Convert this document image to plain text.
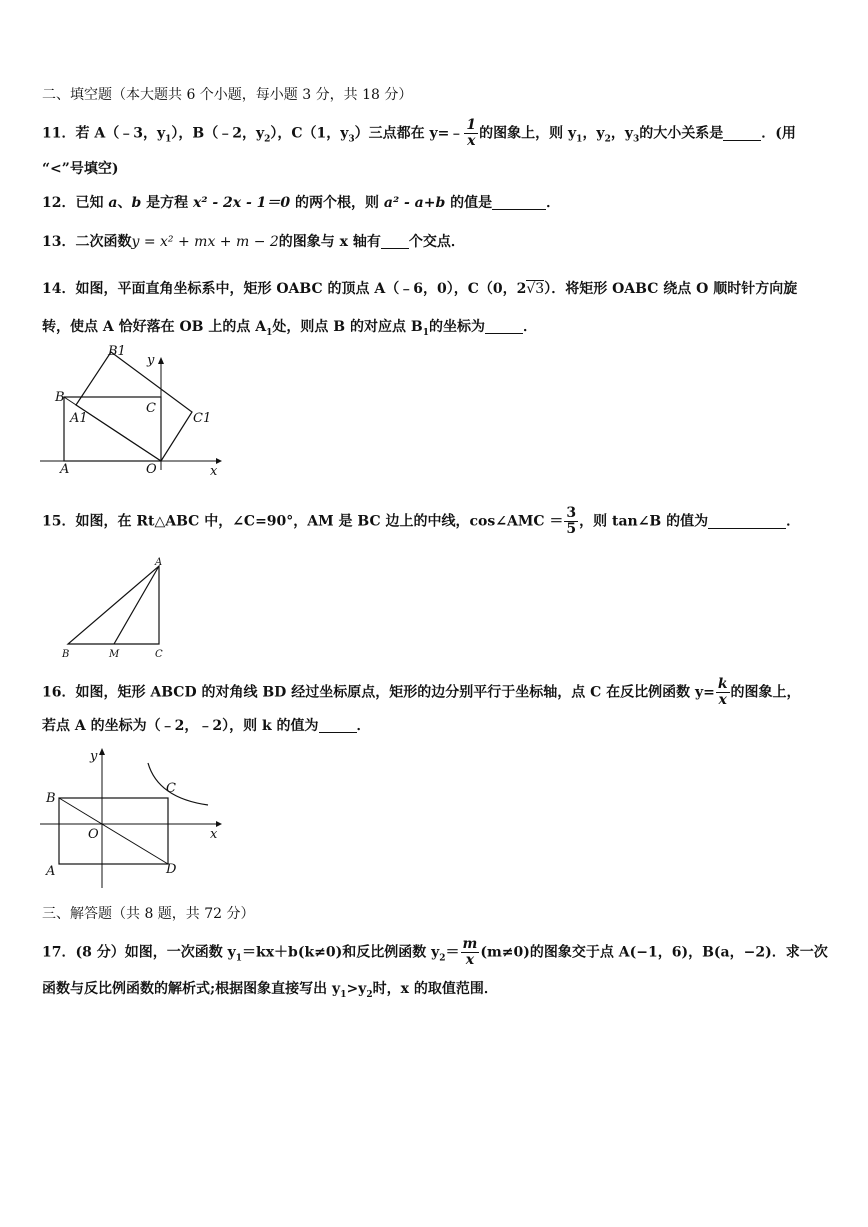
二、填空题（本大题共 6 个小题，每小题 3 分，共 18 分）
11．若 A（﹣3，$y_1$），B（﹣2，$y_2$），C（1，$y_3$）三点都在 y=﹣ $\frac{1}{x}$ 的图象上，则 $y_1$，$y_2$，$y_3$的大小关系是	．(用
“<”号填空)
12．已知 a、b 是方程 x² - 2x - 1＝0 的两个根，则 a² - a+b 的值是	．
13．二次函数y = x² + mx + m − 2的图象与 x 轴有 个交点．
14．如图，平面直角坐标系中，矩形 OABC 的顶点 A（﹣6，0），C（0，2√3）．将矩形 OABC 绕点 O 顺时针方向旋
转，使点 A 恰好落在 OB 上的点 $A_1$处，则点 B 的对应点 $B_1$的坐标为	．
B1
y
B
C
A1	C1
A	O	x
15．如图，在 Rt△ABC 中，∠C=90°，AM 是 BC 边上的中线，cos∠AMC ＝ $\frac{3}{5}$ ，则 tan∠B 的值为	．
A
B	M	C
16．如图，矩形 ABCD 的对角线 BD 经过坐标原点，矩形的边分别平行于坐标轴，点 C 在反比例函数 $y= \frac{k}{x}$ 的图象上，
若点 A 的坐标为（﹣2，﹣2），则 k 的值为	．
y
C
B
O	x
A	D
三、解答题（共 8 题，共 72 分）
17．(8 分）如图，一次函数 $y_1=kx+b(k\ne 0)$和反比例函数 $y_2= \frac{m}{x} (m\ne 0)$的图象交于点 A(−1，6)，B(a，−2)．求一次
函数与反比例函数的解析式;根据图象直接写出 $y_1>y_2$时，x 的取值范围．
